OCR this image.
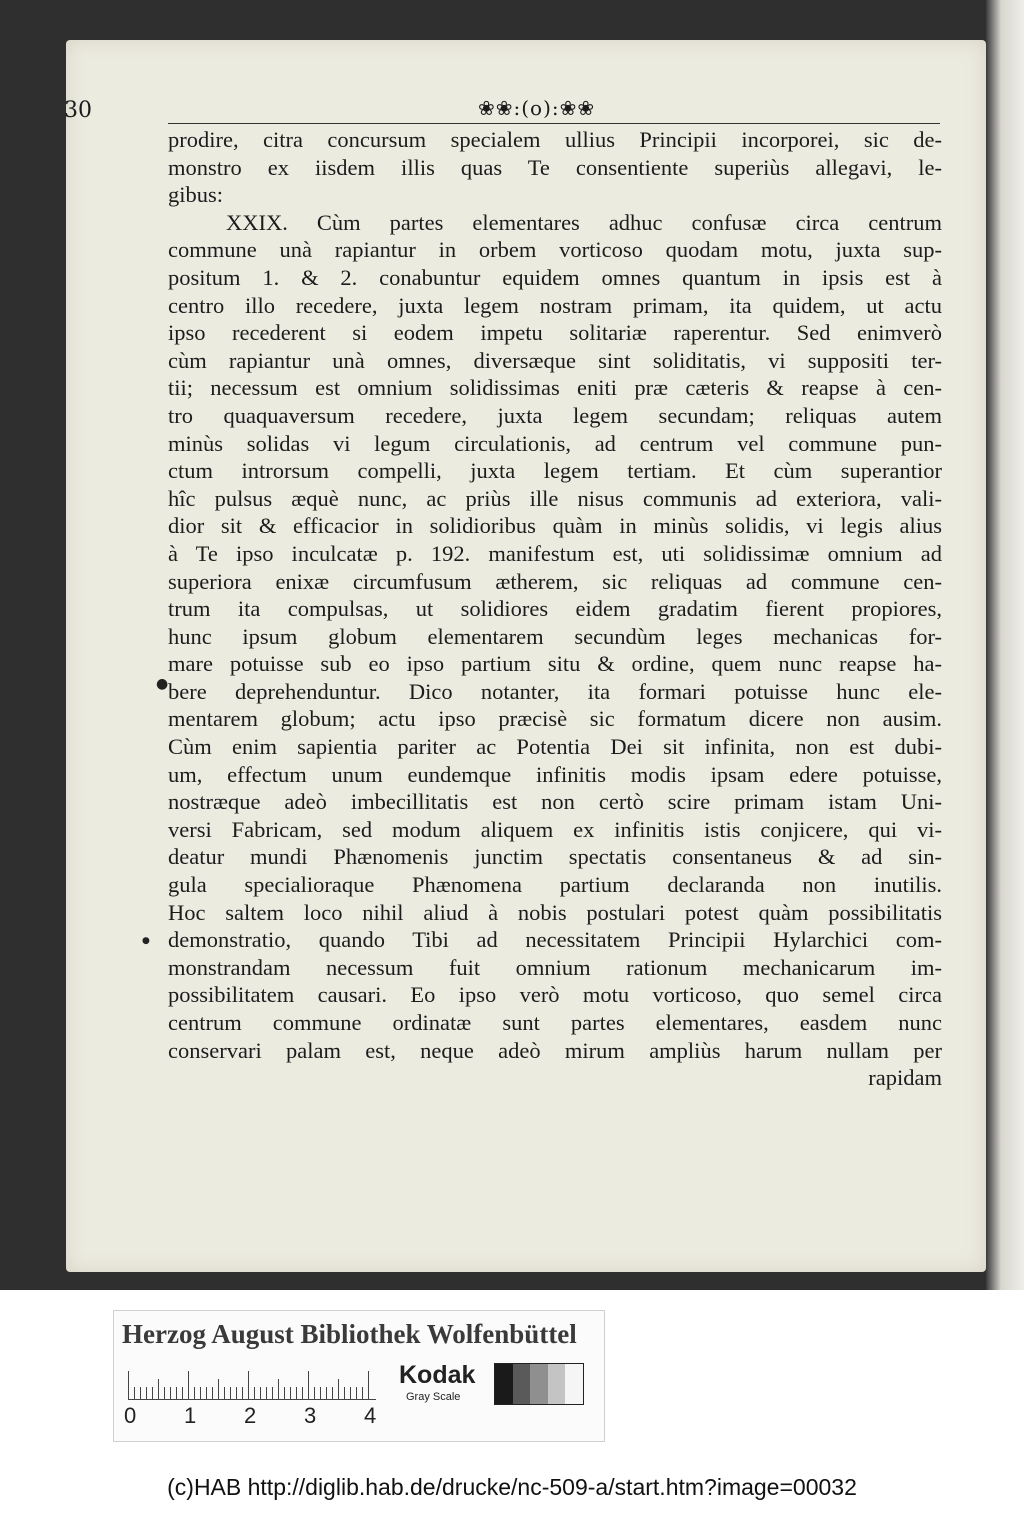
30	❀❀:(o):❀❀
prodire, citra concursum specialem ullius Principii incorporei, sic de-
monstro ex iisdem illis quas Te consentiente superiùs allegavi, le-
gibus:
XXIX. Cùm partes elementares adhuc confusæ circa centrum
commune unà rapiantur in orbem vorticoso quodam motu, juxta sup-
positum 1. & 2. conabuntur equidem omnes quantum in ipsis est à
centro illo recedere, juxta legem nostram primam, ita quidem, ut actu
ipso recederent si eodem impetu solitariæ raperentur. Sed enimverò
cùm rapiantur unà omnes, diversæque sint soliditatis, vi suppositi ter-
tii; necessum est omnium solidissimas eniti præ cæteris & reapse à cen-
tro quaquaversum recedere, juxta legem secundam; reliquas autem
minùs solidas vi legum circulationis, ad centrum vel commune pun-
ctum introrsum compelli, juxta legem tertiam. Et cùm superantior
hîc pulsus æquè nunc, ac priùs ille nisus communis ad exteriora, vali-
dior sit & efficacior in solidioribus quàm in minùs solidis, vi legis alius
à Te ipso inculcatæ p. 192. manifestum est, uti solidissimæ omnium ad
superiora enixæ circumfusum ætherem, sic reliquas ad commune cen-
trum ita compulsas, ut solidiores eidem gradatim fierent propiores,
hunc ipsum globum elementarem secundùm leges mechanicas for-
mare potuisse sub eo ipso partium situ & ordine, quem nunc reapse ha-
bere deprehenduntur. Dico notanter, ita formari potuisse hunc ele-
mentarem globum; actu ipso præcisè sic formatum dicere non ausim.
Cùm enim sapientia pariter ac Potentia Dei sit infinita, non est dubi-
um, effectum unum eundemque infinitis modis ipsam edere potuisse,
nostræque adeò imbecillitatis est non certò scire primam istam Uni-
versi Fabricam, sed modum aliquem ex infinitis istis conjicere, qui vi-
deatur mundi Phænomenis junctim spectatis consentaneus & ad sin-
gula specialioraque Phænomena partium declaranda non inutilis.
Hoc saltem loco nihil aliud à nobis postulari potest quàm possibilitatis
demonstratio, quando Tibi ad necessitatem Principii Hylarchici com-
monstrandam necessum fuit omnium rationum mechanicarum im-
possibilitatem causari. Eo ipso verò motu vorticoso, quo semel circa
centrum commune ordinatæ sunt partes elementares, easdem nunc
conservari palam est, neque adeò mirum ampliùs harum nullam per
rapidam
●
●
Herzog August Bibliothek Wolfenbüttel
0 1 2 3 4
Kodak
Gray Scale
(c)HAB http://diglib.hab.de/drucke/nc-509-a/start.htm?image=00032
